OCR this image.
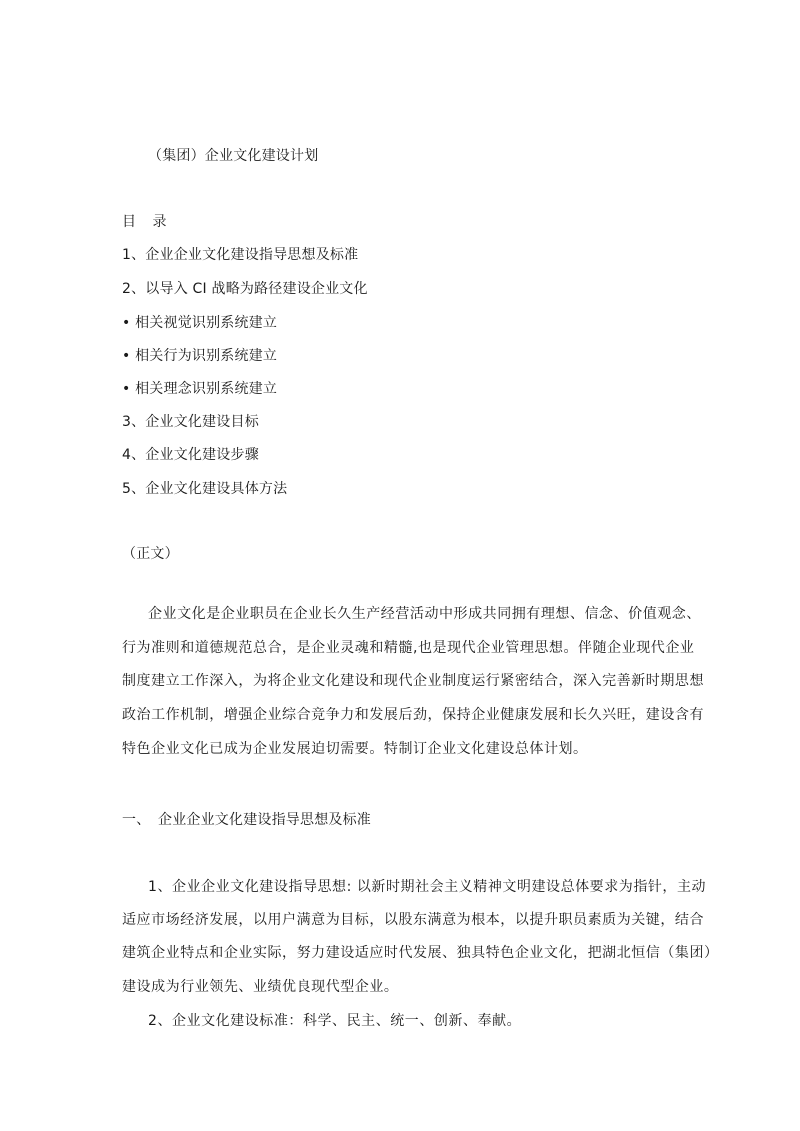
（集团）企业文化建设计划
目 录
1、企业企业文化建设指导思想及标准
2、以导入 CI 战略为路径建设企业文化
• 相关视觉识别系统建立
• 相关行为识别系统建立
• 相关理念识别系统建立
3、企业文化建设目标
4、企业文化建设步骤
5、企业文化建设具体方法
（正文）
企业文化是企业职员在企业长久生产经营活动中形成共同拥有理想、信念、价值观念、
行为准则和道德规范总合，是企业灵魂和精髓,也是现代企业管理思想。伴随企业现代企业
制度建立工作深入，为将企业文化建设和现代企业制度运行紧密结合，深入完善新时期思想
政治工作机制，增强企业综合竞争力和发展后劲，保持企业健康发展和长久兴旺，建设含有
特色企业文化已成为企业发展迫切需要。特制订企业文化建设总体计划。
一、 企业企业文化建设指导思想及标准
1、企业企业文化建设指导思想: 以新时期社会主义精神文明建设总体要求为指针，主动
适应市场经济发展，以用户满意为目标，以股东满意为根本，以提升职员素质为关键，结合
建筑企业特点和企业实际，努力建设适应时代发展、独具特色企业文化，把湖北恒信（集团）
建设成为行业领先、业绩优良现代型企业。
2、企业文化建设标准：科学、民主、统一、创新、奉献。
